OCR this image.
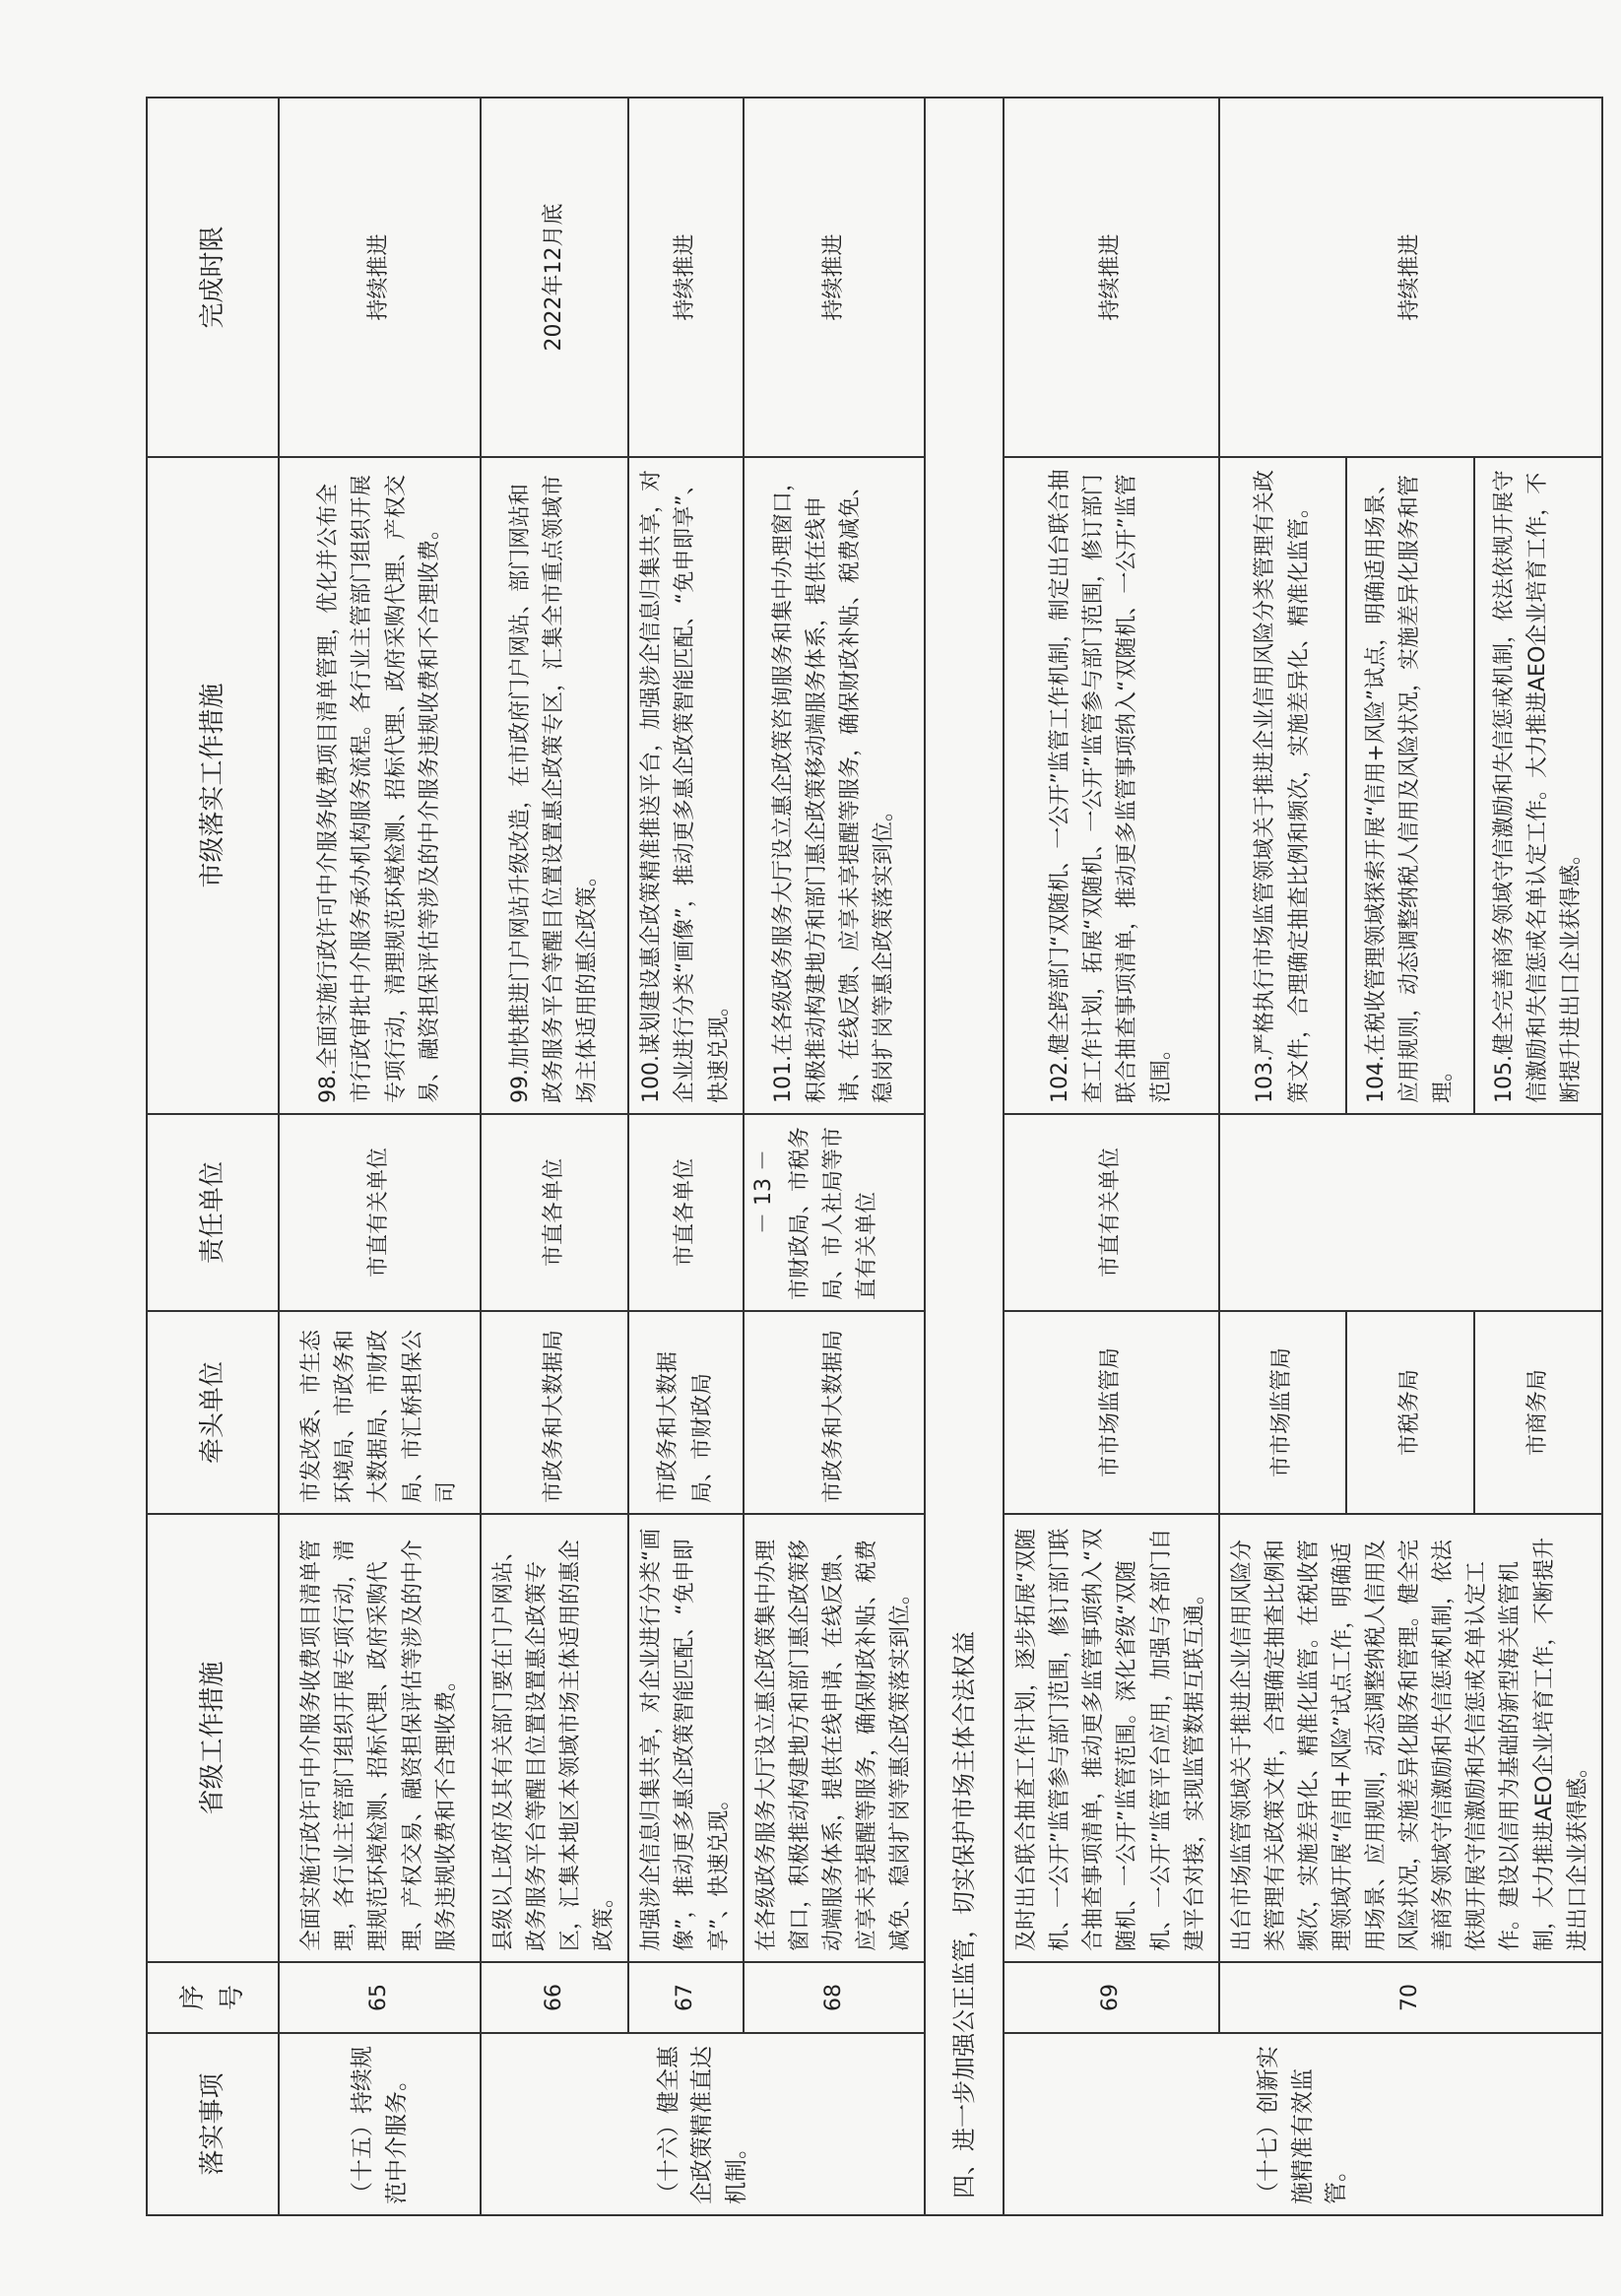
落实事项	序号	省级工作措施	牵头单位	责任单位	市级落实工作措施	完成时限
（十五）持续规范中介服务。	65	全面实施行政许可中介服务收费项目清单管理，各行业主管部门组织开展专项行动，清理规范环境检测、招标代理、政府采购代理、产权交易、融资担保评估等涉及的中介服务违规收费和不合理收费。	市发改委、市生态环境局、市政务和大数据局、市财政局、市汇桥担保公司	市直有关单位	98.全面实施行政许可中介服务收费项目清单管理，优化并公布全市行政审批中介服务承办机构服务流程。各行业主管部门组织开展专项行动，清理规范环境检测、招标代理、政府采购代理、产权交易、融资担保评估等涉及的中介服务违规收费和不合理收费。	持续推进
（十六）健全惠企政策精准直达机制。	66	县级以上政府及其有关部门要在门户网站、政务服务平台等醒目位置设置惠企政策专区，汇集本地区本领域市场主体适用的惠企政策。	市政务和大数据局	市直各单位	99.加快推进门户网站升级改造，在市政府门户网站、部门网站和政务服务平台等醒目位置设置惠企政策专区，汇集全市重点领域市场主体适用的惠企政策。	2022年12月底
	67	加强涉企信息归集共享，对企业进行分类“画像”，推动更多惠企政策智能匹配、“免申即享”、快速兑现。	市政务和大数据局、市财政局	市直各单位	100.谋划建设惠企政策精准推送平台，加强涉企信息归集共享，对企业进行分类“画像”，推动更多惠企政策智能匹配、“免申即享”、快速兑现。	持续推进
	68	在各级政务服务大厅设立惠企政策集中办理窗口，积极推动构建地方和部门惠企政策移动端服务体系，提供在线申请、在线反馈、应享未享提醒等服务，确保财政补贴、税费减免、稳岗扩岗等惠企政策落实到位。	市政务和大数据局	市财政局、市税务局、市人社局等市直有关单位	101.在各级政务服务大厅设立惠企政策咨询服务和集中办理窗口，积极推动构建地方和部门惠企政策移动端服务体系，提供在线申请、在线反馈、应享未享提醒等服务，确保财政补贴、税费减免、稳岗扩岗等惠企政策落实到位。	持续推进
四、进一步加强公正监管，切实保护市场主体合法权益						
（十七）创新实施精准有效监管。	69	及时出台联合抽查工作计划，逐步拓展“双随机、一公开”监管参与部门范围，修订部门联合抽查事项清单，推动更多监管事项纳入“双随机、一公开”监管范围。深化省级“双随机、一公开”监管平台应用，加强与各部门自建平台对接，实现监管数据互联互通。	市市场监管局	市直有关单位	102.健全跨部门“双随机、一公开”监管工作机制，制定出台联合抽查工作计划，拓展“双随机、一公开”监管参与部门范围，修订部门联合抽查事项清单，推动更多监管事项纳入“双随机、一公开”监管范围。	持续推进
	70	出台市场监管领域关于推进企业信用风险分类管理有关政策文件，合理确定抽查比例和频次，实施差异化、精准化监管。在税收管理领域开展“信用+风险”试点工作，明确适用场景、应用规则，动态调整纳税人信用及风险状况，实施差异化服务和管理。健全完善商务领域守信激励和失信惩戒机制，依法依规开展守信激励和失信惩戒名单认定工作。建设以信用为基础的新型海关监管机制，大力推进AEO企业培育工作，不断提升进出口企业获得感。	市市场监管局		103.严格执行市场监管领域关于推进企业信用风险分类管理有关政策文件，合理确定抽查比例和频次，实施差异化、精准化监管。	持续推进
			市税务局		104.在税收管理领域探索开展“信用+风险”试点，明确适用场景、应用规则，动态调整纳税人信用及风险状况，实施差异化服务和管理。	
			市商务局		105.健全完善商务领域守信激励和失信惩戒机制，依法依规开展守信激励和失信惩戒名单认定工作。大力推进AEO企业培育工作，不断提升进出口企业获得感。	
－ 13 －
